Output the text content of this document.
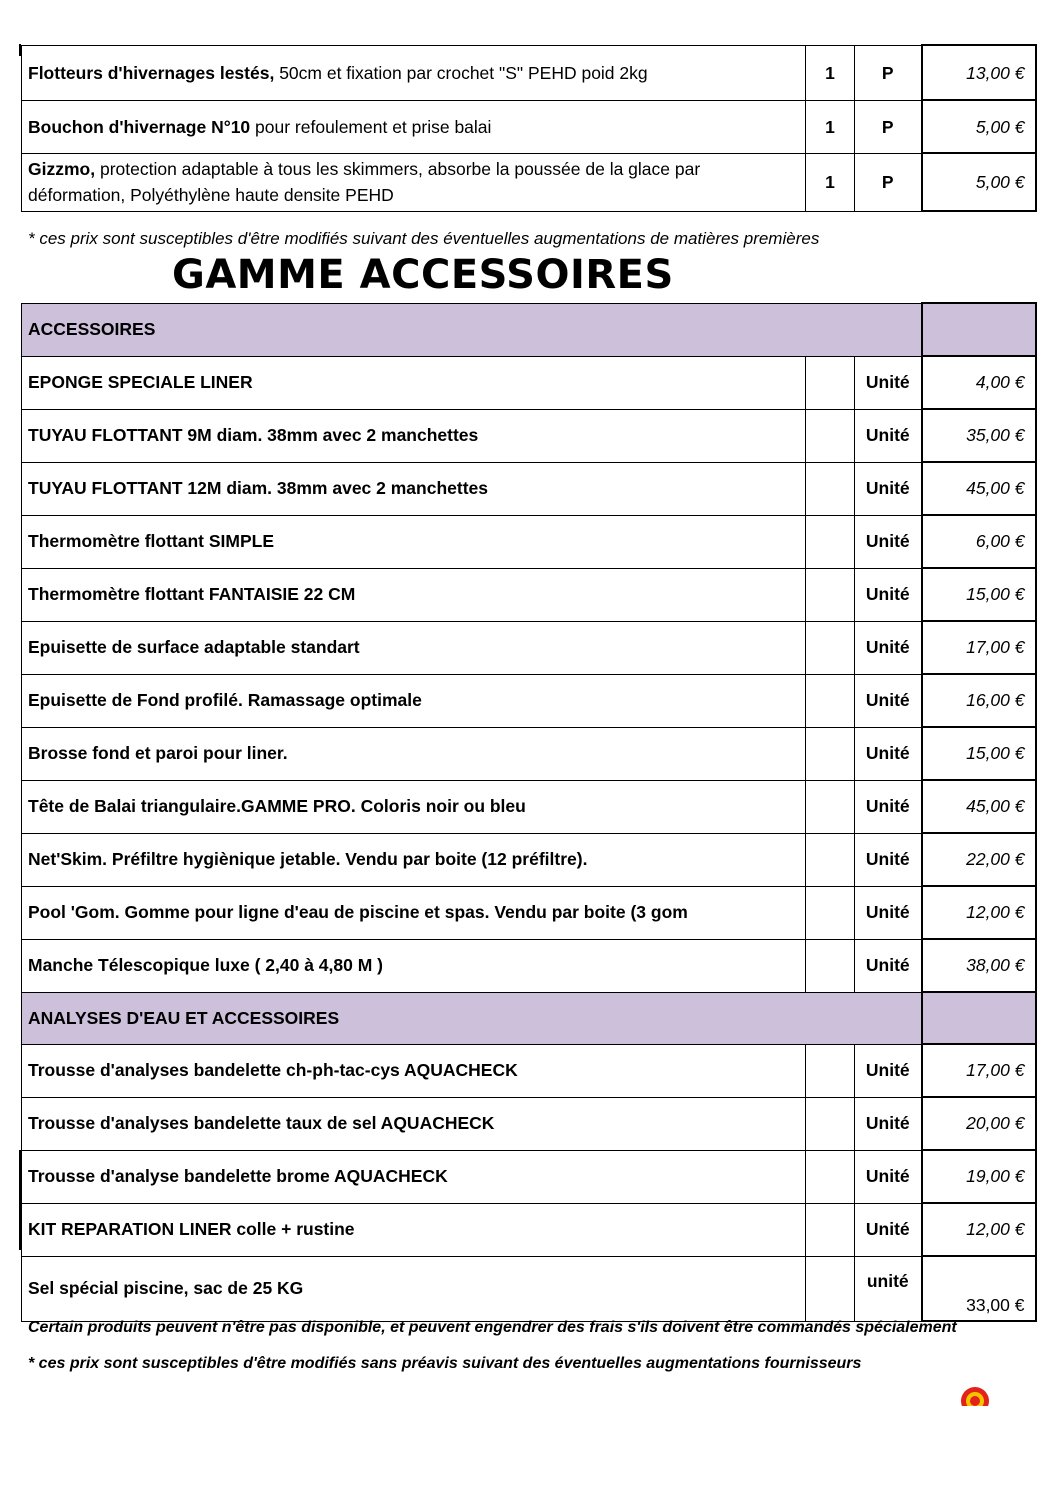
Flotteurs d'hivernages lestés, 50cm et fixation par crochet "S" PEHD poid 2kg	1	P	13,00 €
Bouchon d'hivernage N°10 pour refoulement et prise balai	1	P	5,00 €
Gizzmo, protection adaptable à tous les skimmers, absorbe la poussée de la glace par déformation, Polyéthylène haute densite PEHD	1	P	5,00 €

* ces prix sont susceptibles d'être modifiés suivant des éventuelles augmentations de matières premières

GAMME ACCESSOIRES
ACCESSOIRES			
EPONGE SPECIALE LINER		Unité	4,00 €
TUYAU FLOTTANT 9M diam. 38mm avec 2 manchettes		Unité	35,00 €
TUYAU FLOTTANT 12M diam. 38mm avec 2 manchettes		Unité	45,00 €
Thermomètre flottant SIMPLE		Unité	6,00 €
Thermomètre flottant FANTAISIE 22 CM		Unité	15,00 €
Epuisette de surface adaptable standart		Unité	17,00 €
Epuisette de Fond profilé. Ramassage optimale		Unité	16,00 €
Brosse fond et paroi pour liner.		Unité	15,00 €
Tête de Balai triangulaire.GAMME PRO. Coloris noir ou bleu		Unité	45,00 €
Net'Skim. Préfiltre hygiènique jetable. Vendu par boite (12 préfiltre).		Unité	22,00 €
Pool 'Gom. Gomme pour ligne d'eau de piscine et spas. Vendu par boite (3 gom		Unité	12,00 €
Manche Télescopique luxe ( 2,40 à 4,80 M )		Unité	38,00 €
ANALYSES D'EAU ET ACCESSOIRES			
Trousse d'analyses bandelette ch-ph-tac-cys AQUACHECK		Unité	17,00 €
Trousse d'analyses bandelette taux de sel AQUACHECK		Unité	20,00 €
Trousse d'analyse bandelette brome AQUACHECK		Unité	19,00 €
KIT REPARATION LINER colle + rustine		Unité	12,00 €
Sel spécial piscine, sac de 25 KG		unité	33,00 €

Certain produits peuvent n'être pas disponible, et peuvent engendrer des frais s'ils doivent être commandés spécialement

* ces prix sont susceptibles d'être modifiés sans préavis suivant des éventuelles augmentations fournisseurs
